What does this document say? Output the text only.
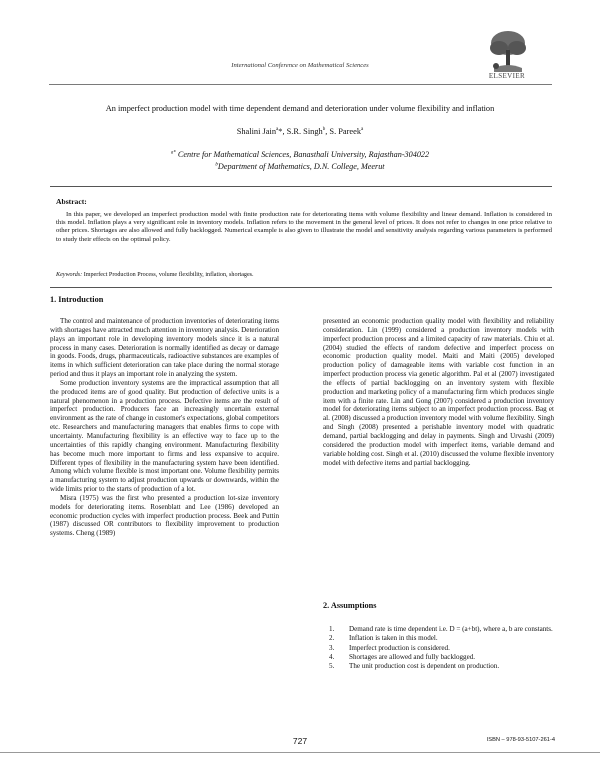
International Conference on Mathematical Sciences
ELSEVIER
An imperfect production model with time dependent demand and deterioration under volume flexibility and inflation
Shalini Jain$^a$*, S.R. Singh$^b$, S. Pareek$^a$
$^{a*}$ Centre for Mathematical Sciences, Banasthali University, Rajasthan-304022
$^b$Department of Mathematics, D.N. College, Meerut
Abstract:
In this paper, we developed an imperfect production model with finite production rate for deteriorating items with volume flexibility and linear demand. Inflation is considered in this model. Inflation plays a very significant role in inventory models. Inflation refers to the movement in the general level of prices. It does not refer to changes in one price relative to other prices. Shortages are also allowed and fully backlogged. Numerical example is also given to illustrate the model and sensitivity analysis regarding various parameters is performed to study their effects on the optimal policy.
Keywords: Imperfect Production Process, volume flexibility, inflation, shortages.
1. Introduction

The control and maintenance of production inventories of deteriorating items with shortages have attracted much attention in inventory analysis. Deterioration plays an important role in developing inventory models since it is a natural process in many cases. Deterioration is normally identified as decay or damage in goods. Foods, drugs, pharmaceuticals, radioactive substances are examples of items in which sufficient deterioration can take place during the normal storage period and thus it plays an important role in analyzing the system.

Some production inventory systems are the impractical assumption that all the produced items are of good quality. But production of defective units is a natural phenomenon in a production process. Defective items are the result of imperfect production. Producers face an increasingly uncertain external environment as the rate of change in customer's expectations, global competitors etc. Researchers and manufacturing managers that enables firms to cope with uncertainty. Manufacturing flexibility is an effective way to face up to the uncertainties of this rapidly changing environment. Manufacturing flexibility has become much more important to firms and less expansive to acquire. Different types of flexibility in the manufacturing system have been identified. Among which volume flexible is most important one. Volume flexibility permits a manufacturing system to adjust production upwards or downwards, within the wide limits prior to the starts of production of a lot.

Misra (1975) was the first who presented a production lot-size inventory models for deteriorating items. Rosenblatt and Lee (1986) developed an economic production cycles with imperfect production process. Beek and Puttin (1987) discussed OR contributors to flexibility improvement to production systems. Cheng (1989)

presented an economic production quality model with flexibility and reliability consideration. Lin (1999) considered a production inventory models with imperfect production process and a limited capacity of raw materials. Chiu et al. (2004) studied the effects of random defective and imperfect process on economic production quality model. Maiti and Maiti (2005) developed production policy of damageable items with variable cost function in an imperfect production process via genetic algorithm. Pal et al (2007) investigated the effects of partial backlogging on an inventory system with flexible production and marketing policy of a manufacturing firm which produces single item with a finite rate. Lin and Gong (2007) considered a production inventory model for deteriorating items subject to an imperfect production process. Bag et al. (2008) discussed a production inventory model with volume flexibility. Singh and Singh (2008) presented a perishable inventory model with quadratic demand, partial backlogging and delay in payments. Singh and Urvashi (2009) considered the production model with imperfect items, variable demand and variable holding cost. Singh et al. (2010) discussed the volume flexible inventory model with defective items and partial backlogging.

2. Assumptions
1.	Demand rate is time dependent i.e. D = (a+bt), where a, b are constants.
2.	Inflation is taken in this model.
3.	Imperfect production is considered.
4.	Shortages are allowed and fully backlogged.
5.	The unit production cost is dependent on production.
727	ISBN – 978-93-5107-261-4
